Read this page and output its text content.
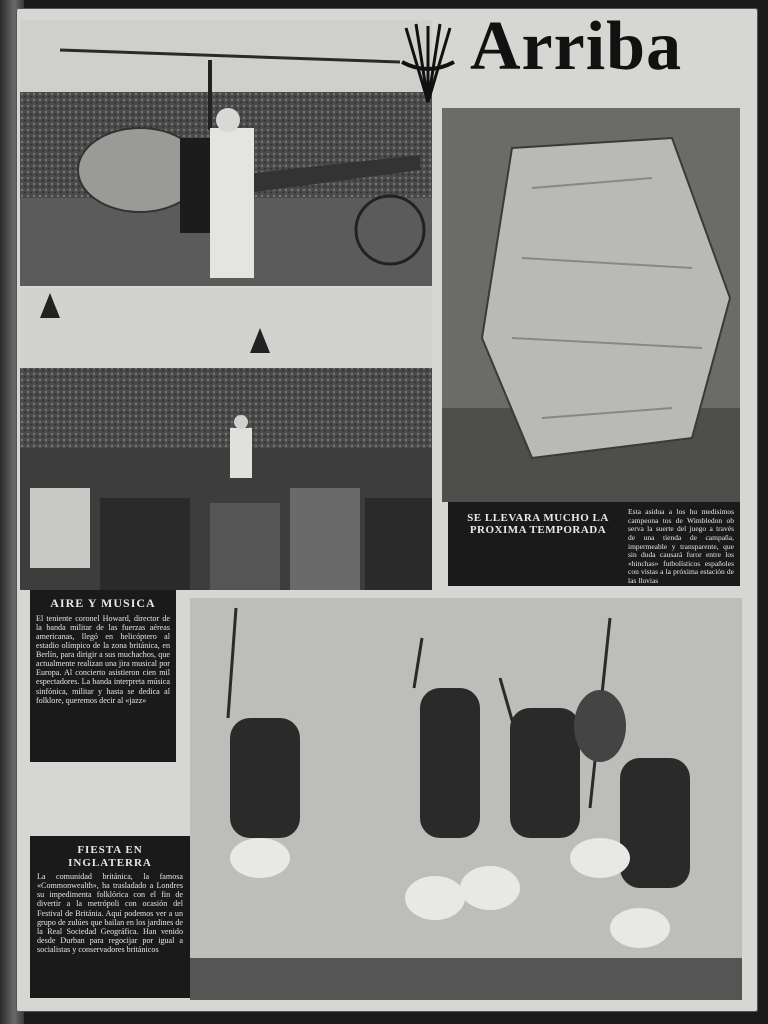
Arriba
SE LLEVARA MUCHO LA PROXIMA TEMPORADA
Esta asidua a los hu medisimos campeona tos de Wimbledon ob serva la suerte del juego a través de una tienda de campaña, impermeable y transparente, que sin duda causará furor entre los «hinchas» futbolísticos españoles con vistas a la próxima estación de las lluvias
AIRE Y MUSICA

El teniente coronel Howard, director de la banda militar de las fuerzas aéreas americanas, llegó en helicóptero al estadio olímpico de la zona británica, en Berlín, para dirigir a sus muchachos, que actualmente realizan una jira musical por Europa. Al concierto asistieron cien mil espectadores. La banda interpreta música sinfónica, militar y hasta se dedica al folklore, queremos decir al «jazz»

FIESTA EN INGLATERRA

La comunidad británica, la famosa «Commonwealth», ha trasladado a Londres su impedimenta folklórica con el fin de divertir a la metrópoli con ocasión del Festival de Británia. Aquí podemos ver a un grupo de zulúes que bailan en los jardines de la Real Sociedad Geográfica. Han venido desde Durban para regocijar por igual a socialistas y conservadores británicos
